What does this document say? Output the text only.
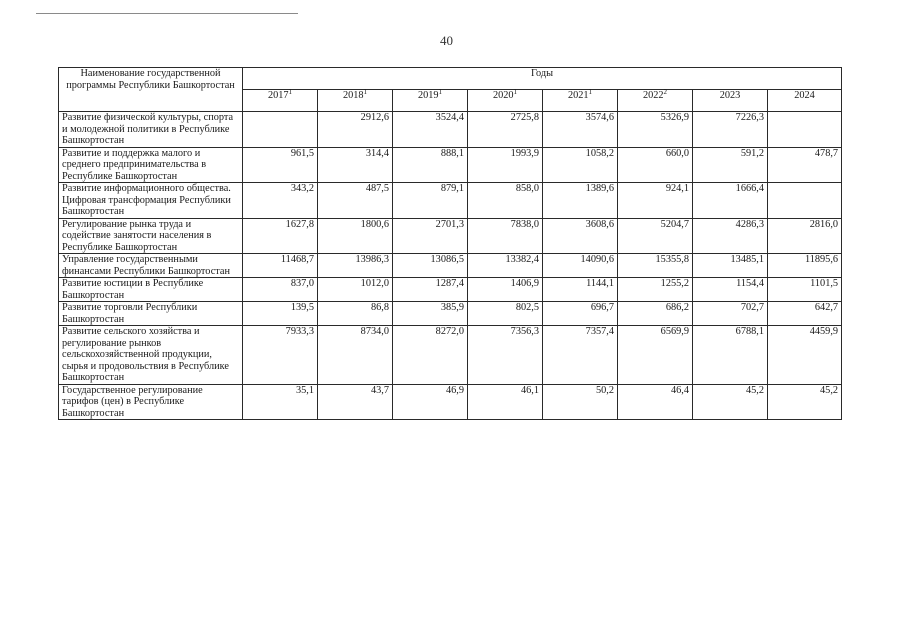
40
Наименование государственной программы Республики Башкортостан	Годы							
	2017$^1$	2018$^1$	2019$^1$	2020$^1$	2021$^1$	2022$^2$	2023	2024
Развитие физической культуры, спорта и молодежной политики в Республике Башкортостан		2912,6	3524,4	2725,8	3574,6	5326,9	7226,3	
Развитие и поддержка малого и среднего предпринимательства в Республике Башкортостан	961,5	314,4	888,1	1993,9	1058,2	660,0	591,2	478,7
Развитие информационного общества. Цифровая трансформация Республики Башкортостан	343,2	487,5	879,1	858,0	1389,6	924,1	1666,4	
Регулирование рынка труда и содействие занятости населения в Республике Башкортостан	1627,8	1800,6	2701,3	7838,0	3608,6	5204,7	4286,3	2816,0
Управление государственными финансами Республики Башкортостан	11468,7	13986,3	13086,5	13382,4	14090,6	15355,8	13485,1	11895,6
Развитие юстиции в Республике Башкортостан	837,0	1012,0	1287,4	1406,9	1144,1	1255,2	1154,4	1101,5
Развитие торговли Республики Башкортостан	139,5	86,8	385,9	802,5	696,7	686,2	702,7	642,7
Развитие сельского хозяйства и регулирование рынков сельскохозяйственной продукции, сырья и продовольствия в Республике Башкортостан	7933,3	8734,0	8272,0	7356,3	7357,4	6569,9	6788,1	4459,9
Государственное регулирование тарифов (цен) в Республике Башкортостан	35,1	43,7	46,9	46,1	50,2	46,4	45,2	45,2
